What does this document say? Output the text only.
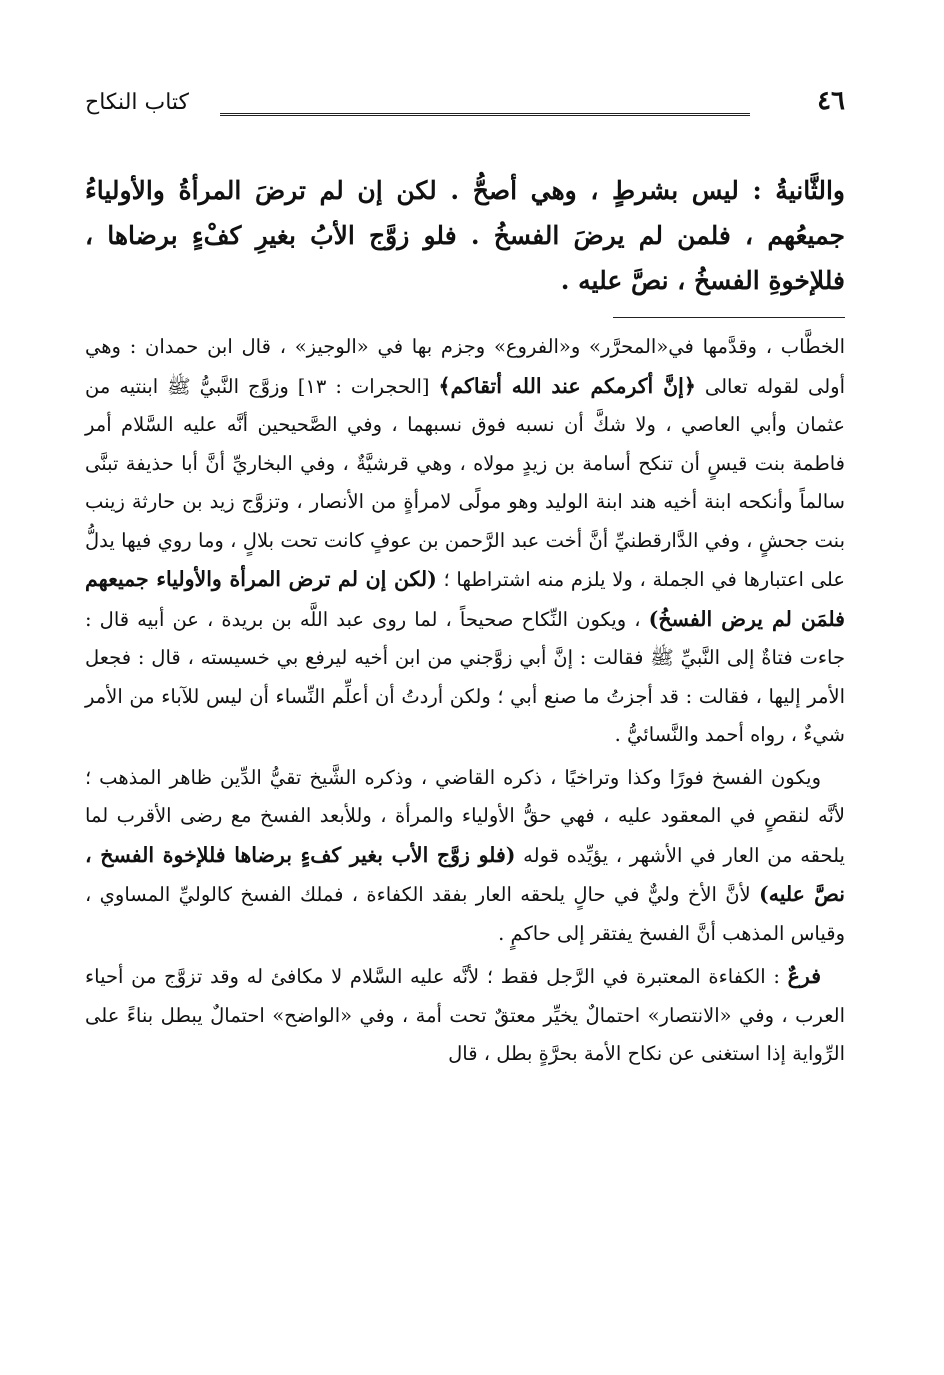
٤٦
كتاب النكاح

والثَّانيةُ : ليس بشرطٍ ، وهي أصحُّ . لكن إن لم ترضَ المرأةُ والأولياءُ جميعُهم ، فلمن لم يرضَ الفسخُ . فلو زوَّج الأبُ بغيرِ كفْءٍ برضاها ، فللإخوةِ الفسخُ ، نصَّ عليه .

الخطَّاب ، وقدَّمها في«المحرَّر» و«الفروع» وجزم بها في «الوجيز» ، قال ابن حمدان : وهي أولى لقوله تعالى ﴿إنَّ أكرمكم عند الله أتقاكم﴾ [الحجرات : ١٣] وزوَّج النَّبيُّ ﷺ ابنتيه من عثمان وأبي العاصي ، ولا شكَّ أن نسبه فوق نسبهما ، وفي الصَّحيحين أنَّه عليه السَّلام أمر فاطمة بنت قيسٍ أن تنكح أسامة بن زيدٍ مولاه ، وهي قرشيَّةٌ ، وفي البخاريِّ أنَّ أبا حذيفة تبنَّى سالماً وأنكحه ابنة أخيه هند ابنة الوليد وهو مولًى لامرأةٍ من الأنصار ، وتزوَّج زيد بن حارثة زينب بنت جحشٍ ، وفي الدَّارقطنيِّ أنَّ أخت عبد الرَّحمن بن عوفٍ كانت تحت بلالٍ ، وما روي فيها يدلُّ على اعتبارها في الجملة ، ولا يلزم منه اشتراطها ؛ (لكن إن لم ترض المرأة والأولياء جميعهم فلمَن لم يرض الفسخُ) ، ويكون النِّكاح صحيحاً ، لما روى عبد اللَّه بن بريدة ، عن أبيه قال : جاءت فتاةٌ إلى النَّبيِّ ﷺ فقالت : إنَّ أبي زوَّجني من ابن أخيه ليرفع بي خسيسته ، قال : فجعل الأمر إليها ، فقالت : قد أجزتُ ما صنع أبي ؛ ولكن أردتُ أن أعلِّم النِّساء أن ليس للآباء من الأمر شيءٌ ، رواه أحمد والنَّسائيُّ .

ويكون الفسخ فورًا وكذا وتراخيًا ، ذكره القاضي ، وذكره الشَّيخ تقيُّ الدِّين ظاهر المذهب ؛ لأنَّه لنقصٍ في المعقود عليه ، فهي حقُّ الأولياء والمرأة ، وللأبعد الفسخ مع رضى الأقرب لما يلحقه من العار في الأشهر ، يؤيِّده قوله (فلو زوَّج الأب بغير كفءٍ برضاها فللإخوة الفسخ ، نصَّ عليه) لأنَّ الأخ وليٌّ في حالٍ يلحقه العار بفقد الكفاءة ، فملك الفسخ كالوليِّ المساوي ، وقياس المذهب أنَّ الفسخ يفتقر إلى حاكمٍ .

فرعٌ : الكفاءة المعتبرة في الرَّجل فقط ؛ لأنَّه عليه السَّلام لا مكافئ له وقد تزوَّج من أحياء العرب ، وفي «الانتصار» احتمالٌ يخيِّر معتقٌ تحت أمة ، وفي «الواضح» احتمالٌ يبطل بناءً على الرِّواية إذا استغنى عن نكاح الأمة بحرَّةٍ بطل ، قال
